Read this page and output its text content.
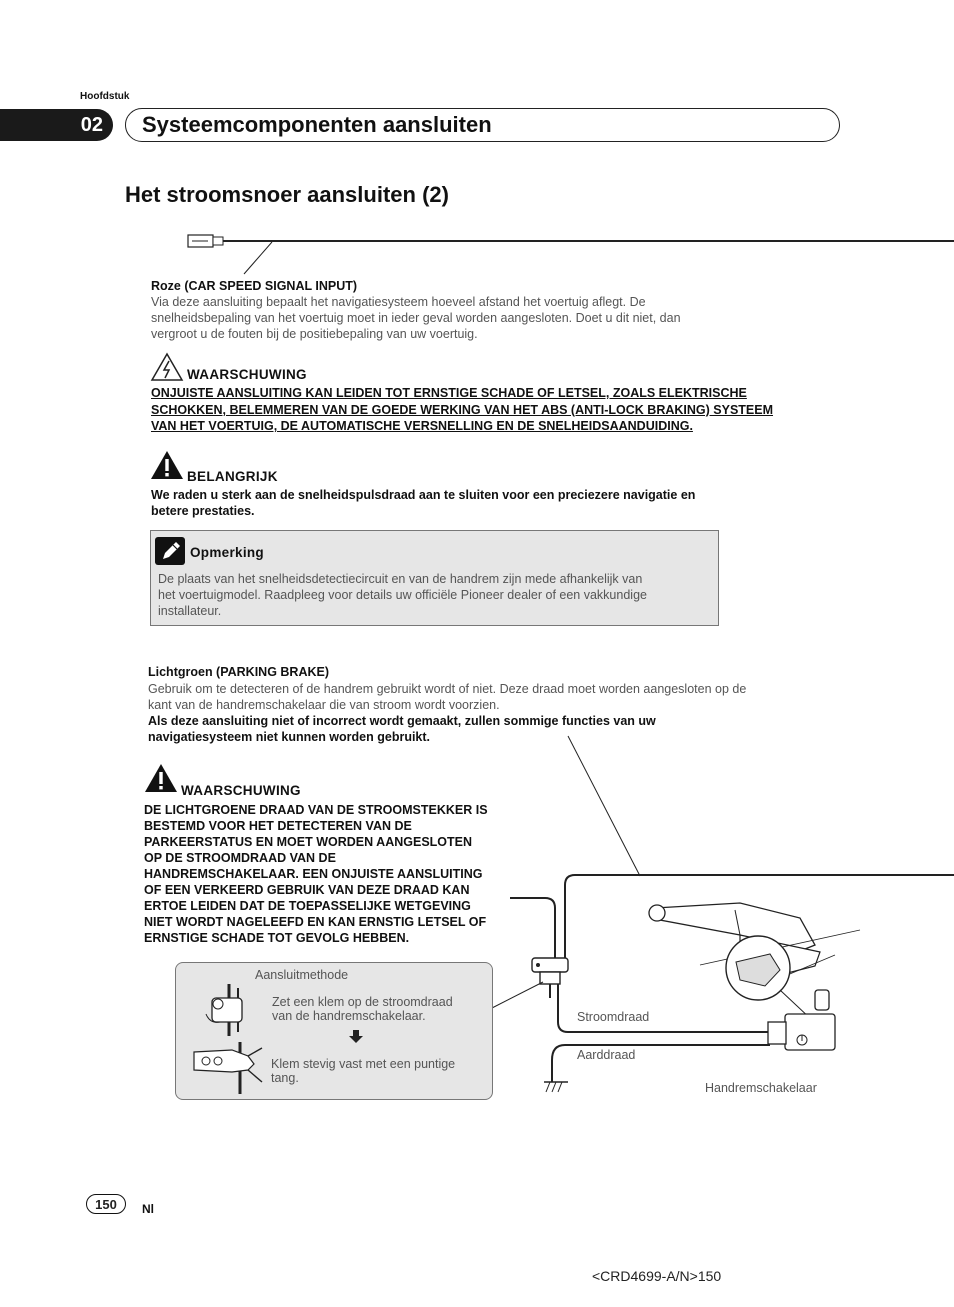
Hoofdstuk
02	Systeemcomponenten aansluiten
Het stroomsnoer aansluiten (2)
Roze (CAR SPEED SIGNAL INPUT)
Via deze aansluiting bepaalt het navigatiesysteem hoeveel afstand het voertuig aflegt. De
snelheidsbepaling van het voertuig moet in ieder geval worden aangesloten. Doet u dit niet, dan
vergroot u de fouten bij de positiebepaling van uw voertuig.
WAARSCHUWING
ONJUISTE AANSLUITING KAN LEIDEN TOT ERNSTIGE SCHADE OF LETSEL, ZOALS ELEKTRISCHE
SCHOKKEN, BELEMMEREN VAN DE GOEDE WERKING VAN HET ABS (ANTI-LOCK BRAKING) SYSTEEM
VAN HET VOERTUIG, DE AUTOMATISCHE VERSNELLING EN DE SNELHEIDSAANDUIDING.
BELANGRIJK
We raden u sterk aan de snelheidspulsdraad aan te sluiten voor een preciezere navigatie en
betere prestaties.
Opmerking
De plaats van het snelheidsdetectiecircuit en van de handrem zijn mede afhankelijk van
het voertuigmodel. Raadpleeg voor details uw officiële Pioneer dealer of een vakkundige
installateur.
Lichtgroen (PARKING BRAKE)
Gebruik om te detecteren of de handrem gebruikt wordt of niet. Deze draad moet worden aangesloten op de
kant van de handremschakelaar die van stroom wordt voorzien.
Als deze aansluiting niet of incorrect wordt gemaakt, zullen sommige functies van uw
navigatiesysteem niet kunnen worden gebruikt.
WAARSCHUWING
DE LICHTGROENE DRAAD VAN DE STROOMSTEKKER IS
BESTEMD VOOR HET DETECTEREN VAN DE
PARKEERSTATUS EN MOET WORDEN AANGESLOTEN
OP DE STROOMDRAAD VAN DE
HANDREMSCHAKELAAR. EEN ONJUISTE AANSLUITING
OF EEN VERKEERD GEBRUIK VAN DEZE DRAAD KAN
ERTOE LEIDEN DAT DE TOEPASSELIJKE WETGEVING
NIET WORDT NAGELEEFD EN KAN ERNSTIG LETSEL OF
ERNSTIGE SCHADE TOT GEVOLG HEBBEN.
Stroomdraad
Aarddraad
Handremschakelaar
Aansluitmethode
Zet een klem op de stroomdraad
van de handremschakelaar.
Klem stevig vast met een puntige
tang.
150	Nl
<CRD4699-A/N>150
